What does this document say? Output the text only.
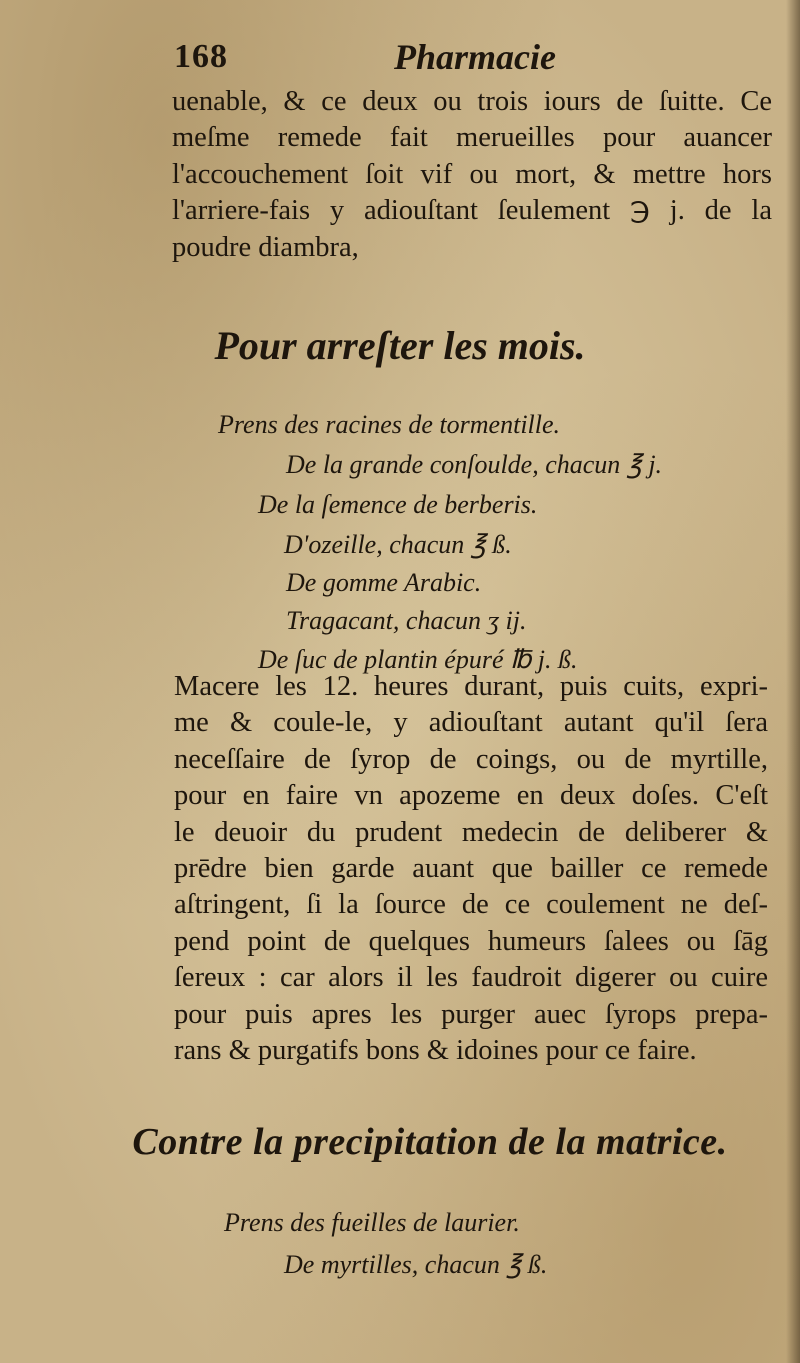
168	Pharmacie
uenable, & ce deux ou trois iours de ſuitte. Ce
meſme remede fait merueilles pour auancer
l'accouchement ſoit vif ou mort, & mettre hors
l'arriere-fais y adiouſtant ſeulement ℈ j. de la
poudre diambra,
Pour arreſter les mois.
Prens des racines de tormentille.
De la grande conſoulde, chacun ℥ j.
De la ſemence de berberis.
D'ozeille, chacun ℥ ß.
De gomme Arabic.
Tragacant, chacun ʒ ij.
De ſuc de plantin épuré ℔ j. ß.
Macere les 12. heures durant, puis cuits, expri-
me & coule-le, y adiouſtant autant qu'il ſera
neceſſaire de ſyrop de coings, ou de myrtille,
pour en faire vn apozeme en deux doſes. C'eſt
le deuoir du prudent medecin de deliberer &
prēdre bien garde auant que bailler ce remede
aſtringent, ſi la ſource de ce coulement ne deſ-
pend point de quelques humeurs ſalees ou ſāg
ſereux : car alors il les faudroit digerer ou cuire
pour puis apres les purger auec ſyrops prepa-
rans & purgatifs bons & idoines pour ce faire.
Contre la precipitation de la matrice.
Prens des fueilles de laurier.
De myrtilles, chacun ℥ ß.
